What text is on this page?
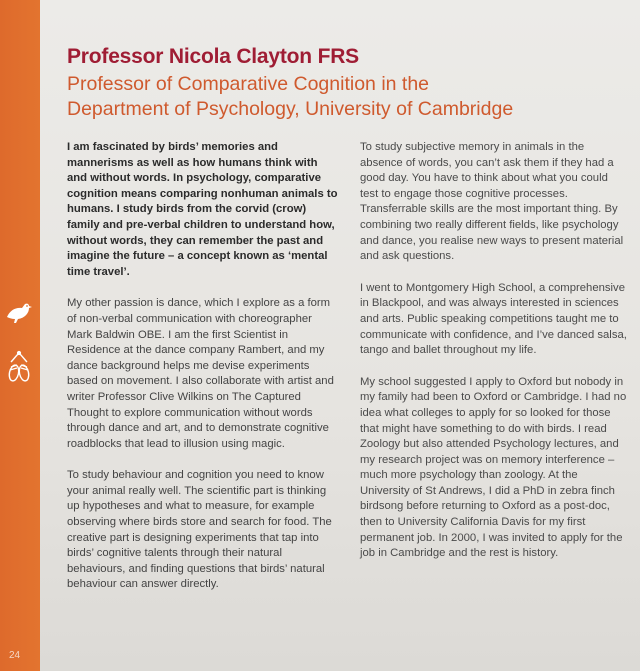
24
Professor Nicola Clayton FRS
Professor of Comparative Cognition in the
Department of Psychology, University of Cambridge

I am fascinated by birds’ memories and mannerisms as well as how humans think with and without words. In psychology, comparative cognition means comparing nonhuman animals to humans. I study birds from the corvid (crow) family and pre-verbal children to understand how, without words, they can remember the past and imagine the future – a concept known as ‘mental time travel’.

My other passion is dance, which I explore as a form of non-verbal communication with choreographer Mark Baldwin OBE. I am the first Scientist in Residence at the dance company Rambert, and my dance background helps me devise experiments based on movement. I also collaborate with artist and writer Professor Clive Wilkins on The Captured Thought to explore communication without words through dance and art, and to demonstrate cognitive roadblocks that lead to illusion using magic.

To study behaviour and cognition you need to know your animal really well. The scientific part is thinking up hypotheses and what to measure, for example observing where birds store and search for food. The creative part is designing experiments that tap into birds’ cognitive talents through their natural behaviours, and finding questions that birds’ natural behaviour can answer directly.

To study subjective memory in animals in the absence of words, you can’t ask them if they had a good day. You have to think about what you could test to engage those cognitive processes. Transferrable skills are the most important thing. By combining two really different fields, like psychology and dance, you realise new ways to present material and ask questions.

I went to Montgomery High School, a comprehensive in Blackpool, and was always interested in sciences and arts. Public speaking competitions taught me to communicate with confidence, and I’ve danced salsa, tango and ballet throughout my life.

My school suggested I apply to Oxford but nobody in my family had been to Oxford or Cambridge. I had no idea what colleges to apply for so looked for those that might have something to do with birds. I read Zoology but also attended Psychology lectures, and my research project was on memory interference – much more psychology than zoology. At the University of St Andrews, I did a PhD in zebra finch birdsong before returning to Oxford as a post-doc, then to University California Davis for my first permanent job. In 2000, I was invited to apply for the job in Cambridge and the rest is history.
